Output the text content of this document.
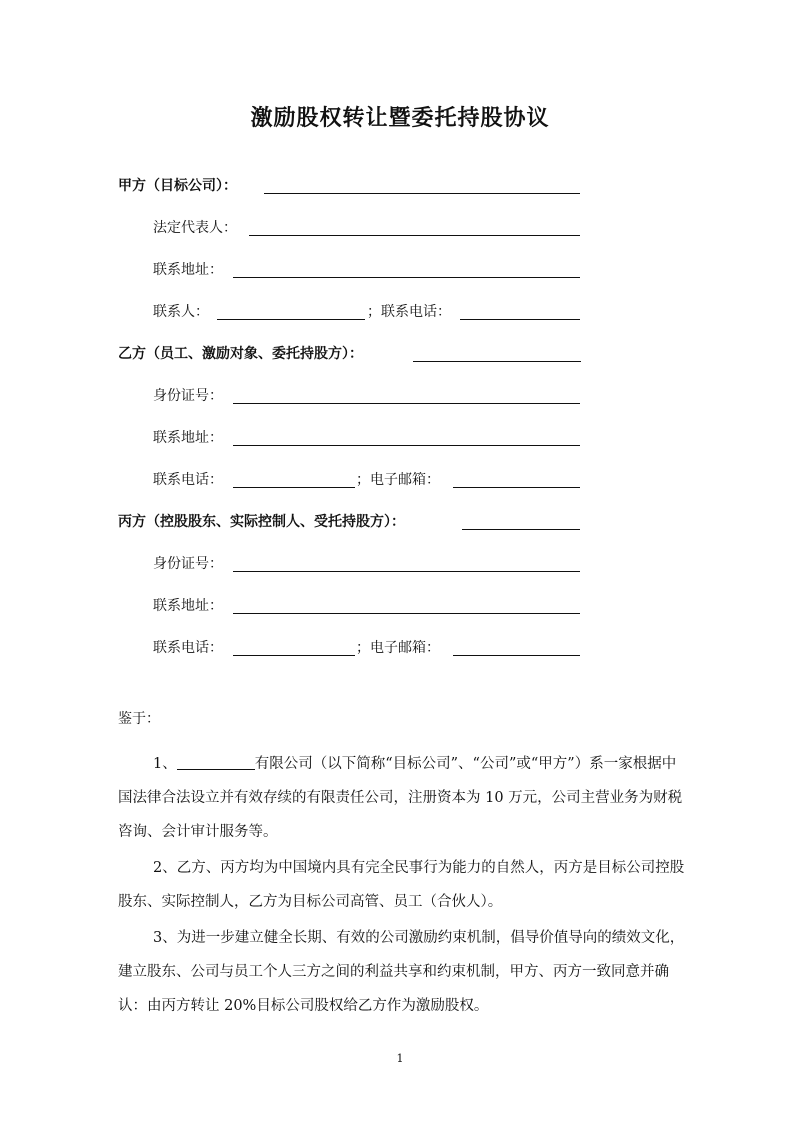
激励股权转让暨委托持股协议
甲方（目标公司）：
法定代表人：
联系地址：
联系人：	；联系电话：
乙方（员工、激励对象、委托持股方）：
身份证号：
联系地址：
联系电话：	；电子邮箱：
丙方（控股股东、实际控制人、受托持股方）：
身份证号：
联系地址：
联系电话：	；电子邮箱：
鉴于：

1、	有限公司（以下简称“目标公司”、“公司”或“甲方”）系一家根据中国法律合法设立并有效存续的有限责任公司，注册资本为 10 万元，公司主营业务为财税咨询、会计审计服务等。

2、乙方、丙方均为中国境内具有完全民事行为能力的自然人，丙方是目标公司控股股东、实际控制人，乙方为目标公司高管、员工（合伙人）。

3、为进一步建立健全长期、有效的公司激励约束机制，倡导价值导向的绩效文化，建立股东、公司与员工个人三方之间的利益共享和约束机制，甲方、丙方一致同意并确认：由丙方转让 20%目标公司股权给乙方作为激励股权。

1
